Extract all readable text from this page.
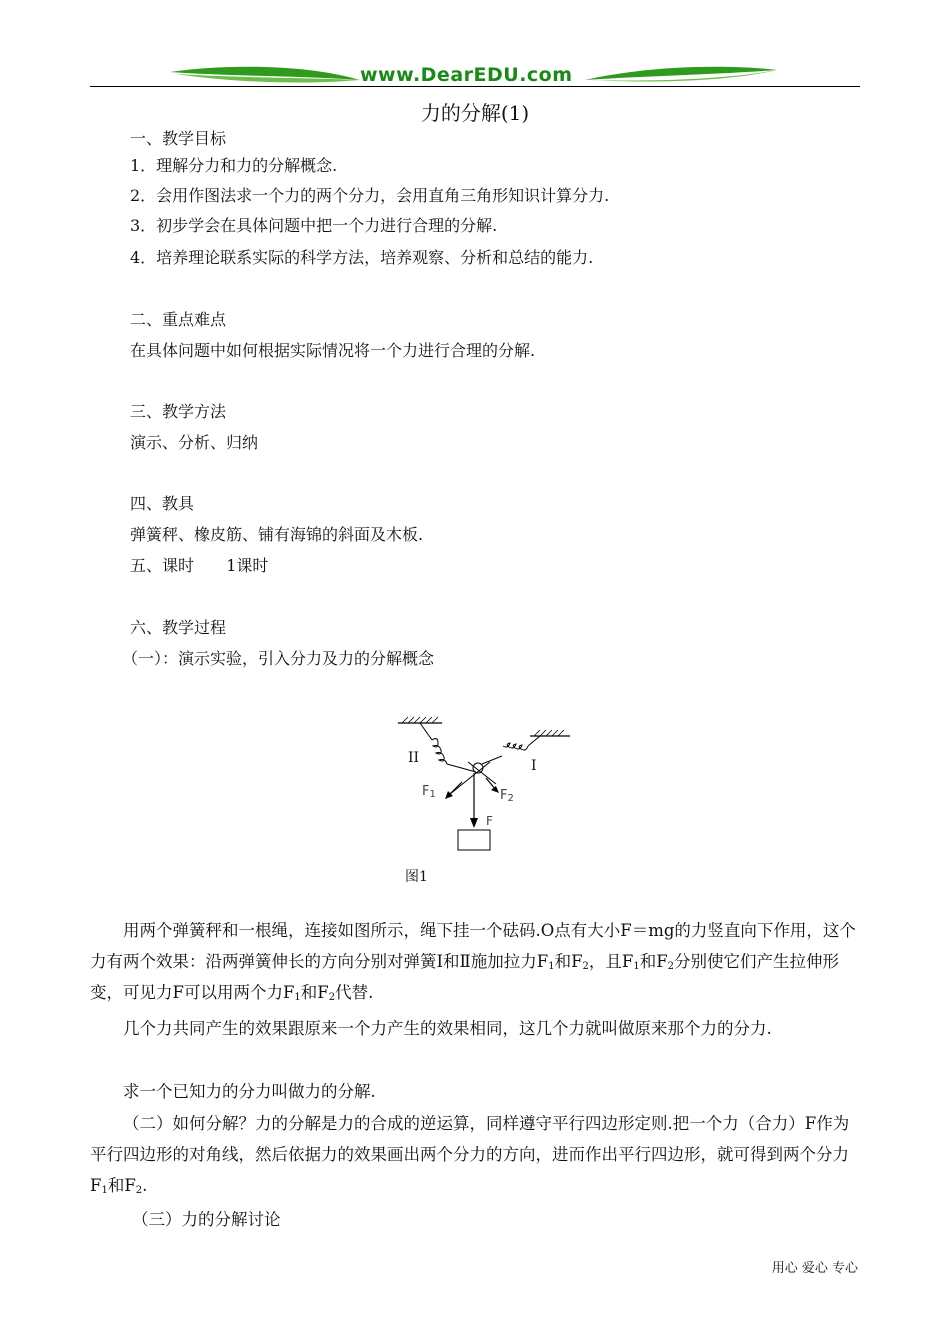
www.DearEDU.com
力的分解(1)
一、教学目标
1．理解分力和力的分解概念.
2．会用作图法求一个力的两个分力，会用直角三角形知识计算分力.
3．初步学会在具体问题中把一个力进行合理的分解.
4．培养理论联系实际的科学方法，培养观察、分析和总结的能力.
二、重点难点
在具体问题中如何根据实际情况将一个力进行合理的分解.
三、教学方法
演示、分析、归纳
四、教具
弹簧秤、橡皮筋、铺有海锦的斜面及木板.
五、课时 1课时
六、教学过程
（一）：演示实验，引入分力及力的分解概念
II	I
$F_1$	$F_2$
F
图1
用两个弹簧秤和一根绳，连接如图所示，绳下挂一个砝码.O点有大小F＝mg的力竖直向下作用，这个力有两个效果：沿两弹簧伸长的方向分别对弹簧Ⅰ和Ⅱ施加拉力$F_1$和$F_2$，且$F_1$和$F_2$分别使它们产生拉伸形变，可见力F可以用两个力$F_1$和$F_2$代替.
几个力共同产生的效果跟原来一个力产生的效果相同，这几个力就叫做原来那个力的分力.
求一个已知力的分力叫做力的分解.
（二）如何分解？力的分解是力的合成的逆运算，同样遵守平行四边形定则.把一个力（合力）F作为平行四边形的对角线，然后依据力的效果画出两个分力的方向，进而作出平行四边形，就可得到两个分力$F_1$和$F_2$.
（三）力的分解讨论
用心 爱心 专心
